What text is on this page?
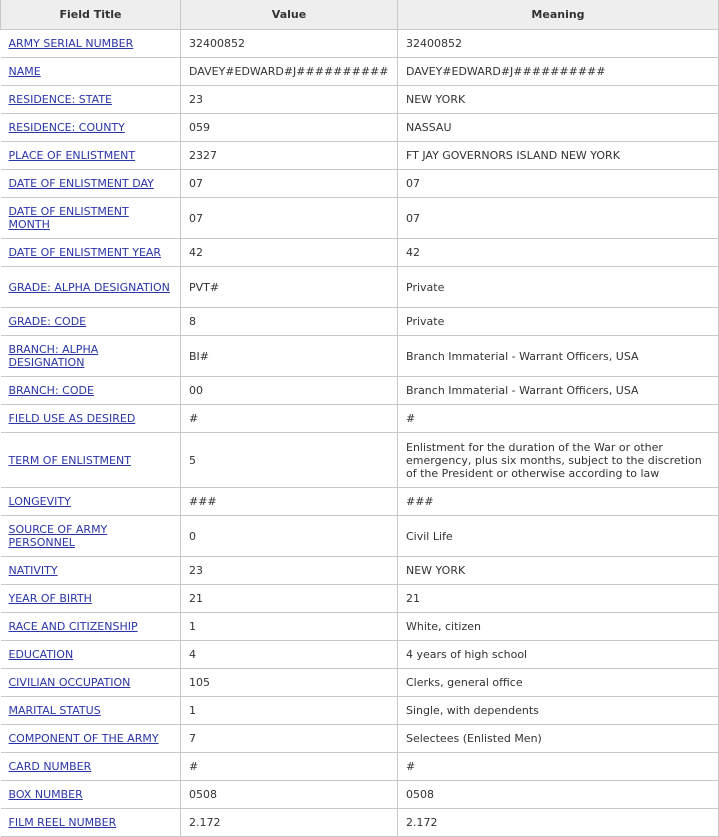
Field Title	Value	Meaning
ARMY SERIAL NUMBER	32400852	32400852
NAME	DAVEY#EDWARD#J##########	DAVEY#EDWARD#J##########
RESIDENCE: STATE	23	NEW YORK
RESIDENCE: COUNTY	059	NASSAU
PLACE OF ENLISTMENT	2327	FT JAY GOVERNORS ISLAND NEW YORK
DATE OF ENLISTMENT DAY	07	07
DATE OF ENLISTMENT MONTH	07	07
DATE OF ENLISTMENT YEAR	42	42
GRADE: ALPHA DESIGNATION	PVT#	Private
GRADE: CODE	8	Private
BRANCH: ALPHA DESIGNATION	BI#	Branch Immaterial - Warrant Officers, USA
BRANCH: CODE	00	Branch Immaterial - Warrant Officers, USA
FIELD USE AS DESIRED	#	#
TERM OF ENLISTMENT	5	Enlistment for the duration of the War or other emergency, plus six months, subject to the discretion of the President or otherwise according to law
LONGEVITY	###	###
SOURCE OF ARMY PERSONNEL	0	Civil Life
NATIVITY	23	NEW YORK
YEAR OF BIRTH	21	21
RACE AND CITIZENSHIP	1	White, citizen
EDUCATION	4	4 years of high school
CIVILIAN OCCUPATION	105	Clerks, general office
MARITAL STATUS	1	Single, with dependents
COMPONENT OF THE ARMY	7	Selectees (Enlisted Men)
CARD NUMBER	#	#
BOX NUMBER	0508	0508
FILM REEL NUMBER	2.172	2.172
